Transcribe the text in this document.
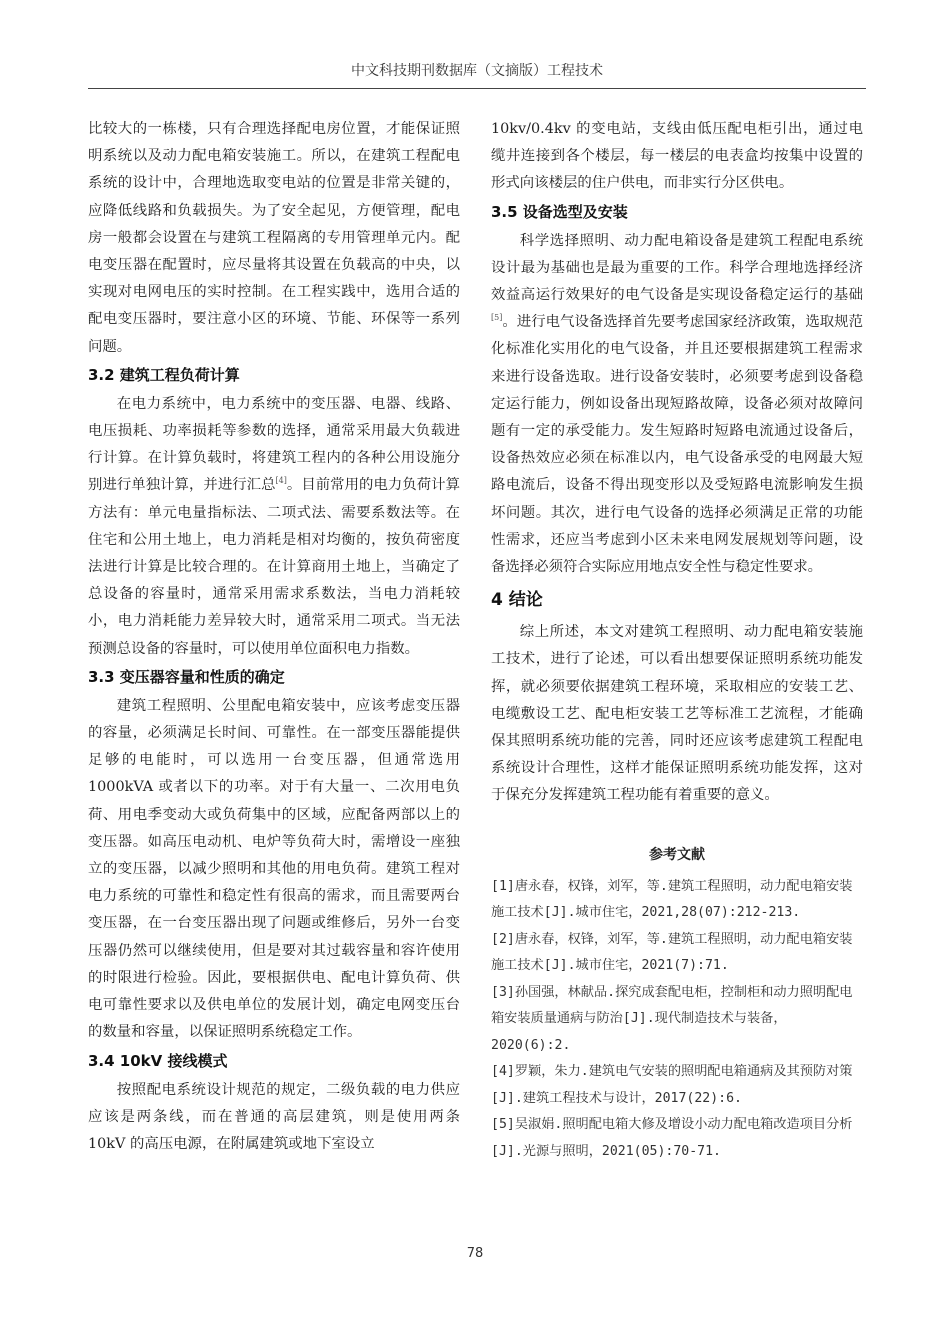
中文科技期刊数据库（文摘版）工程技术

比较大的一栋楼，只有合理选择配电房位置，才能保证照明系统以及动力配电箱安装施工。所以，在建筑工程配电系统的设计中，合理地选取变电站的位置是非常关键的，应降低线路和负载损失。为了安全起见，方便管理，配电房一般都会设置在与建筑工程隔离的专用管理单元内。配电变压器在配置时，应尽量将其设置在负载高的中央，以实现对电网电压的实时控制。在工程实践中，选用合适的配电变压器时，要注意小区的环境、节能、环保等一系列问题。

3.2 建筑工程负荷计算

在电力系统中，电力系统中的变压器、电器、线路、电压损耗、功率损耗等参数的选择，通常采用最大负载进行计算。在计算负载时，将建筑工程内的各种公用设施分别进行单独计算，并进行汇总[4]。目前常用的电力负荷计算方法有：单元电量指标法、二项式法、需要系数法等。在住宅和公用土地上，电力消耗是相对均衡的，按负荷密度法进行计算是比较合理的。在计算商用土地上，当确定了总设备的容量时，通常采用需求系数法，当电力消耗较小，电力消耗能力差异较大时，通常采用二项式。当无法预测总设备的容量时，可以使用单位面积电力指数。

3.3 变压器容量和性质的确定

建筑工程照明、公里配电箱安装中，应该考虑变压器的容量，必须满足长时间、可靠性。在一部变压器能提供足够的电能时，可以选用一台变压器，但通常选用 1000kVA 或者以下的功率。对于有大量一、二次用电负荷、用电季变动大或负荷集中的区域，应配备两部以上的变压器。如高压电动机、电炉等负荷大时，需增设一座独立的变压器，以减少照明和其他的用电负荷。建筑工程对电力系统的可靠性和稳定性有很高的需求，而且需要两台变压器，在一台变压器出现了问题或维修后，另外一台变压器仍然可以继续使用，但是要对其过载容量和容许使用的时限进行检验。因此，要根据供电、配电计算负荷、供电可靠性要求以及供电单位的发展计划，确定电网变压台的数量和容量，以保证照明系统稳定工作。

3.4 10kV 接线模式

按照配电系统设计规范的规定，二级负载的电力供应应该是两条线，而在普通的高层建筑，则是使用两条 10kV 的高压电源，在附属建筑或地下室设立

10kv/0.4kv 的变电站，支线由低压配电柜引出，通过电缆井连接到各个楼层，每一楼层的电表盒均按集中设置的形式向该楼层的住户供电，而非实行分区供电。

3.5 设备选型及安装

科学选择照明、动力配电箱设备是建筑工程配电系统设计最为基础也是最为重要的工作。科学合理地选择经济效益高运行效果好的电气设备是实现设备稳定运行的基础[5]。进行电气设备选择首先要考虑国家经济政策，选取规范化标准化实用化的电气设备，并且还要根据建筑工程需求来进行设备选取。进行设备安装时，必须要考虑到设备稳定运行能力，例如设备出现短路故障，设备必须对故障问题有一定的承受能力。发生短路时短路电流通过设备后，设备热效应必须在标准以内，电气设备承受的电网最大短路电流后，设备不得出现变形以及受短路电流影响发生损坏问题。其次，进行电气设备的选择必须满足正常的功能性需求，还应当考虑到小区未来电网发展规划等问题，设备选择必须符合实际应用地点安全性与稳定性要求。

4 结论

综上所述，本文对建筑工程照明、动力配电箱安装施工技术，进行了论述，可以看出想要保证照明系统功能发挥，就必须要依据建筑工程环境，采取相应的安装工艺、电缆敷设工艺、配电柜安装工艺等标准工艺流程，才能确保其照明系统功能的完善，同时还应该考虑建筑工程配电系统设计合理性，这样才能保证照明系统功能发挥，这对于保充分发挥建筑工程功能有着重要的意义。

参考文献

[1]唐永春，权锋，刘军，等.建筑工程照明，动力配电箱安装施工技术[J].城市住宅，2021,28(07):212-213.

[2]唐永春，权锋，刘军，等.建筑工程照明，动力配电箱安装施工技术[J].城市住宅，2021(7):71.

[3]孙国强，林献品.探究成套配电柜，控制柜和动力照明配电箱安装质量通病与防治[J].现代制造技术与装备，2020(6):2.

[4]罗颖，朱力.建筑电气安装的照明配电箱通病及其预防对策[J].建筑工程技术与设计，2017(22):6.

[5]吴淑娟.照明配电箱大修及增设小动力配电箱改造项目分析[J].光源与照明，2021(05):70-71.

78
